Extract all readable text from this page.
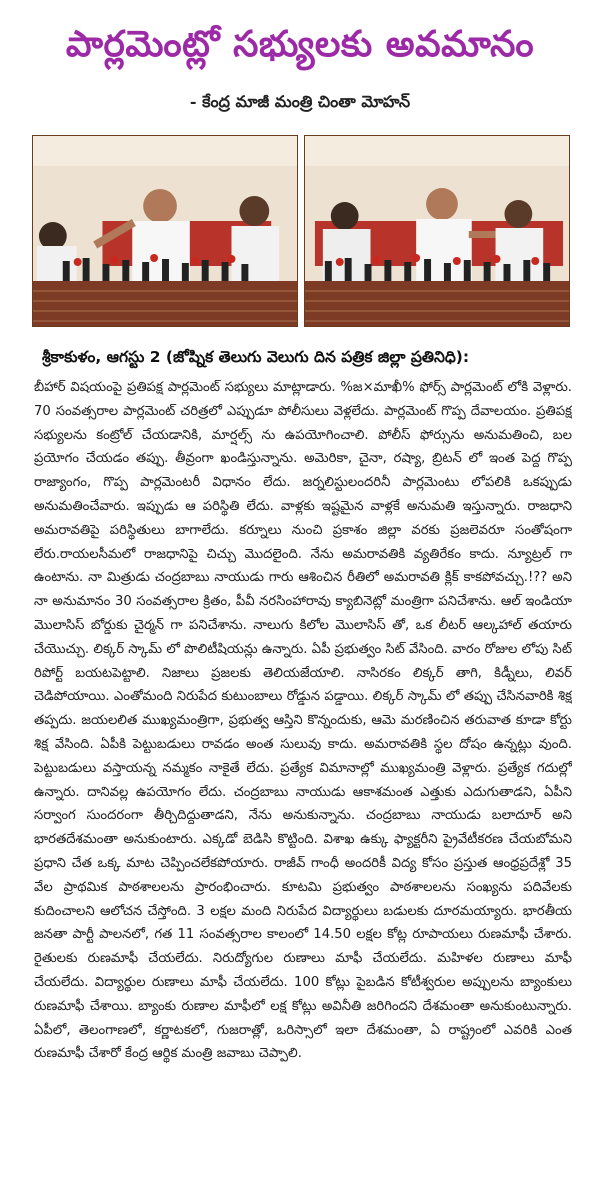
పార్లమెంట్లో సభ్యులకు అవమానం
- కేంద్ర మాజీ మంత్రి చింతా మోహన్
శ్రీకాకుళం, ఆగస్టు 2 (జోష్నిక తెలుగు వెలుగు దిన పత్రిక జిల్లా ప్రతినిధి):
బీహార్ విషయంపై ప్రతిపక్ష పార్లమెంట్ సభ్యులు మాట్లాడారు. %జ×మాఖీ% ఫోర్స్ పార్లమెంట్ లోకి వెళ్లారు. 70 సంవత్సరాల పార్లమెంట్ చరిత్రలో ఎప్పుడూ పోలీసులు వెళ్లలేదు. పార్లమెంట్ గొప్ప దేవాలయం. ప్రతిపక్ష సభ్యులను కంట్రోల్ చేయడానికి, మార్షల్స్ ను ఉపయోగించాలి. పోలీస్ ఫోర్సును అనుమతించి, బల ప్రయోగం చేయడం తప్పు. తీవ్రంగా ఖండిస్తున్నాను. అమెరికా, చైనా, రష్యా, బ్రిటన్ లో ఇంత పెద్ద గొప్ప రాజ్యాంగం, గొప్ప పార్లమెంటరీ విధానం లేదు. జర్నలిస్టులందరినీ పార్లమెంటు లోపలికి ఒకప్పుడు అనుమతించేవారు. ఇప్పుడు ఆ పరిస్థితి లేదు. వాళ్లకు ఇష్టమైన వాళ్లకే అనుమతి ఇస్తున్నారు. రాజధాని అమరావతిపై పరిస్థితులు బాగాలేదు. కర్నూలు నుంచి ప్రకాశం జిల్లా వరకు ప్రజలెవరూ సంతోషంగా లేరు.రాయలసీమలో రాజధానిపై చిచ్చు మొదలైంది. నేను అమరావతికి వ్యతిరేకం కాదు. న్యూట్రల్ గా ఉంటాను. నా మిత్రుడు చంద్రబాబు నాయుడు గారు ఆశించిన రీతిలో అమరావతి క్లిక్ కాకపోవచ్చు.!?? అని నా అనుమానం 30 సంవత్సరాల క్రితం, పీవీ నరసింహారావు క్యాబినెట్లో మంత్రిగా పనిచేశాను. ఆల్ ఇండియా మొలాసిస్ బోర్డుకు చైర్మన్ గా పనిచేశాను. నాలుగు కిలోల మొలాసిస్ తో, ఒక లీటర్ ఆల్కహాల్ తయారు చేయొచ్చు. లిక్కర్ స్కామ్ లో పొలిటీషియన్లు ఉన్నారు. ఏపీ ప్రభుత్వం సిట్ వేసింది. వారం రోజుల లోపు సిట్ రిపోర్ట్ బయటపెట్టాలి. నిజాలు ప్రజలకు తెలియజేయాలి. నాసిరకం లిక్కర్ తాగి, కిడ్నీలు, లివర్ చెడిపోయాయి. ఎంతోమంది నిరుపేద కుటుంబాలు రోడ్డున పడ్డాయి. లిక్కర్ స్కామ్ లో తప్పు చేసినవారికి శిక్ష తప్పదు. జయలలిత ముఖ్యమంత్రిగా, ప్రభుత్వ ఆస్తిని కొన్నందుకు, ఆమె మరణించిన తరువాత కూడా కోర్టు శిక్ష వేసింది. ఏపీకి పెట్టుబడులు రావడం అంత సులువు కాదు. అమరావతికి స్థల దోషం ఉన్నట్లు వుంది. పెట్టుబడులు వస్తాయన్న నమ్మకం నాకైతే లేదు. ప్రత్యేక విమానాల్లో ముఖ్యమంత్రి వెళ్లారు. ప్రత్యేక గదుల్లో ఉన్నారు. దానివల్ల ఉపయోగం లేదు. చంద్రబాబు నాయుడు ఆకాశమంత ఎత్తుకు ఎదుగుతాడని, ఏపీని సర్వాంగ సుందరంగా తీర్చిదిద్దుతాడని, నేను అనుకున్నాను. చంద్రబాబు నాయుడు బలాదూర్ అని భారతదేశమంతా అనుకుంటారు. ఎక్కడో బెడిసి కొట్టింది. విశాఖ ఉక్కు ఫ్యాక్టరీని ప్రైవేటీకరణ చేయబోమని ప్రధాని చేత ఒక్క మాట చెప్పించలేకపోయారు. రాజీవ్ గాంధీ అందరికీ విద్య కోసం ప్రస్తుత ఆంధ్రప్రదేశ్లో 35 వేల ప్రాథమిక పాఠశాలలను ప్రారంభించారు. కూటమి ప్రభుత్వం పాఠశాలలను సంఖ్యను పదివేలకు కుదించాలని ఆలోచన చేస్తోంది. 3 లక్షల మంది నిరుపేద విద్యార్థులు బడులకు దూరమయ్యారు. భారతీయ జనతా పార్టీ పాలనలో, గత 11 సంవత్సరాల కాలంలో 14.50 లక్షల కోట్ల రూపాయలు రుణమాఫీ చేశారు. రైతులకు రుణమాఫీ చేయలేదు. నిరుద్యోగుల రుణాలు మాఫీ చేయలేదు. మహిళల రుణాలు మాఫీ చేయలేదు. విద్యార్థుల రుణాలు మాఫీ చేయలేదు. 100 కోట్లు పైబడిన కోటీశ్వరుల అప్పులను బ్యాంకులు రుణమాఫీ చేశాయి. బ్యాంకు రుణాల మాఫీలో లక్ష కోట్లు అవినీతి జరిగిందని దేశమంతా అనుకుంటున్నారు. ఏపీలో, తెలంగాణలో, కర్ణాటకలో, గుజరాత్లో, ఒరిస్సాలో ఇలా దేశమంతా, ఏ రాష్ట్రంలో ఎవరికి ఎంత రుణమాఫీ చేశారో కేంద్ర ఆర్థిక మంత్రి జవాబు చెప్పాలి.
